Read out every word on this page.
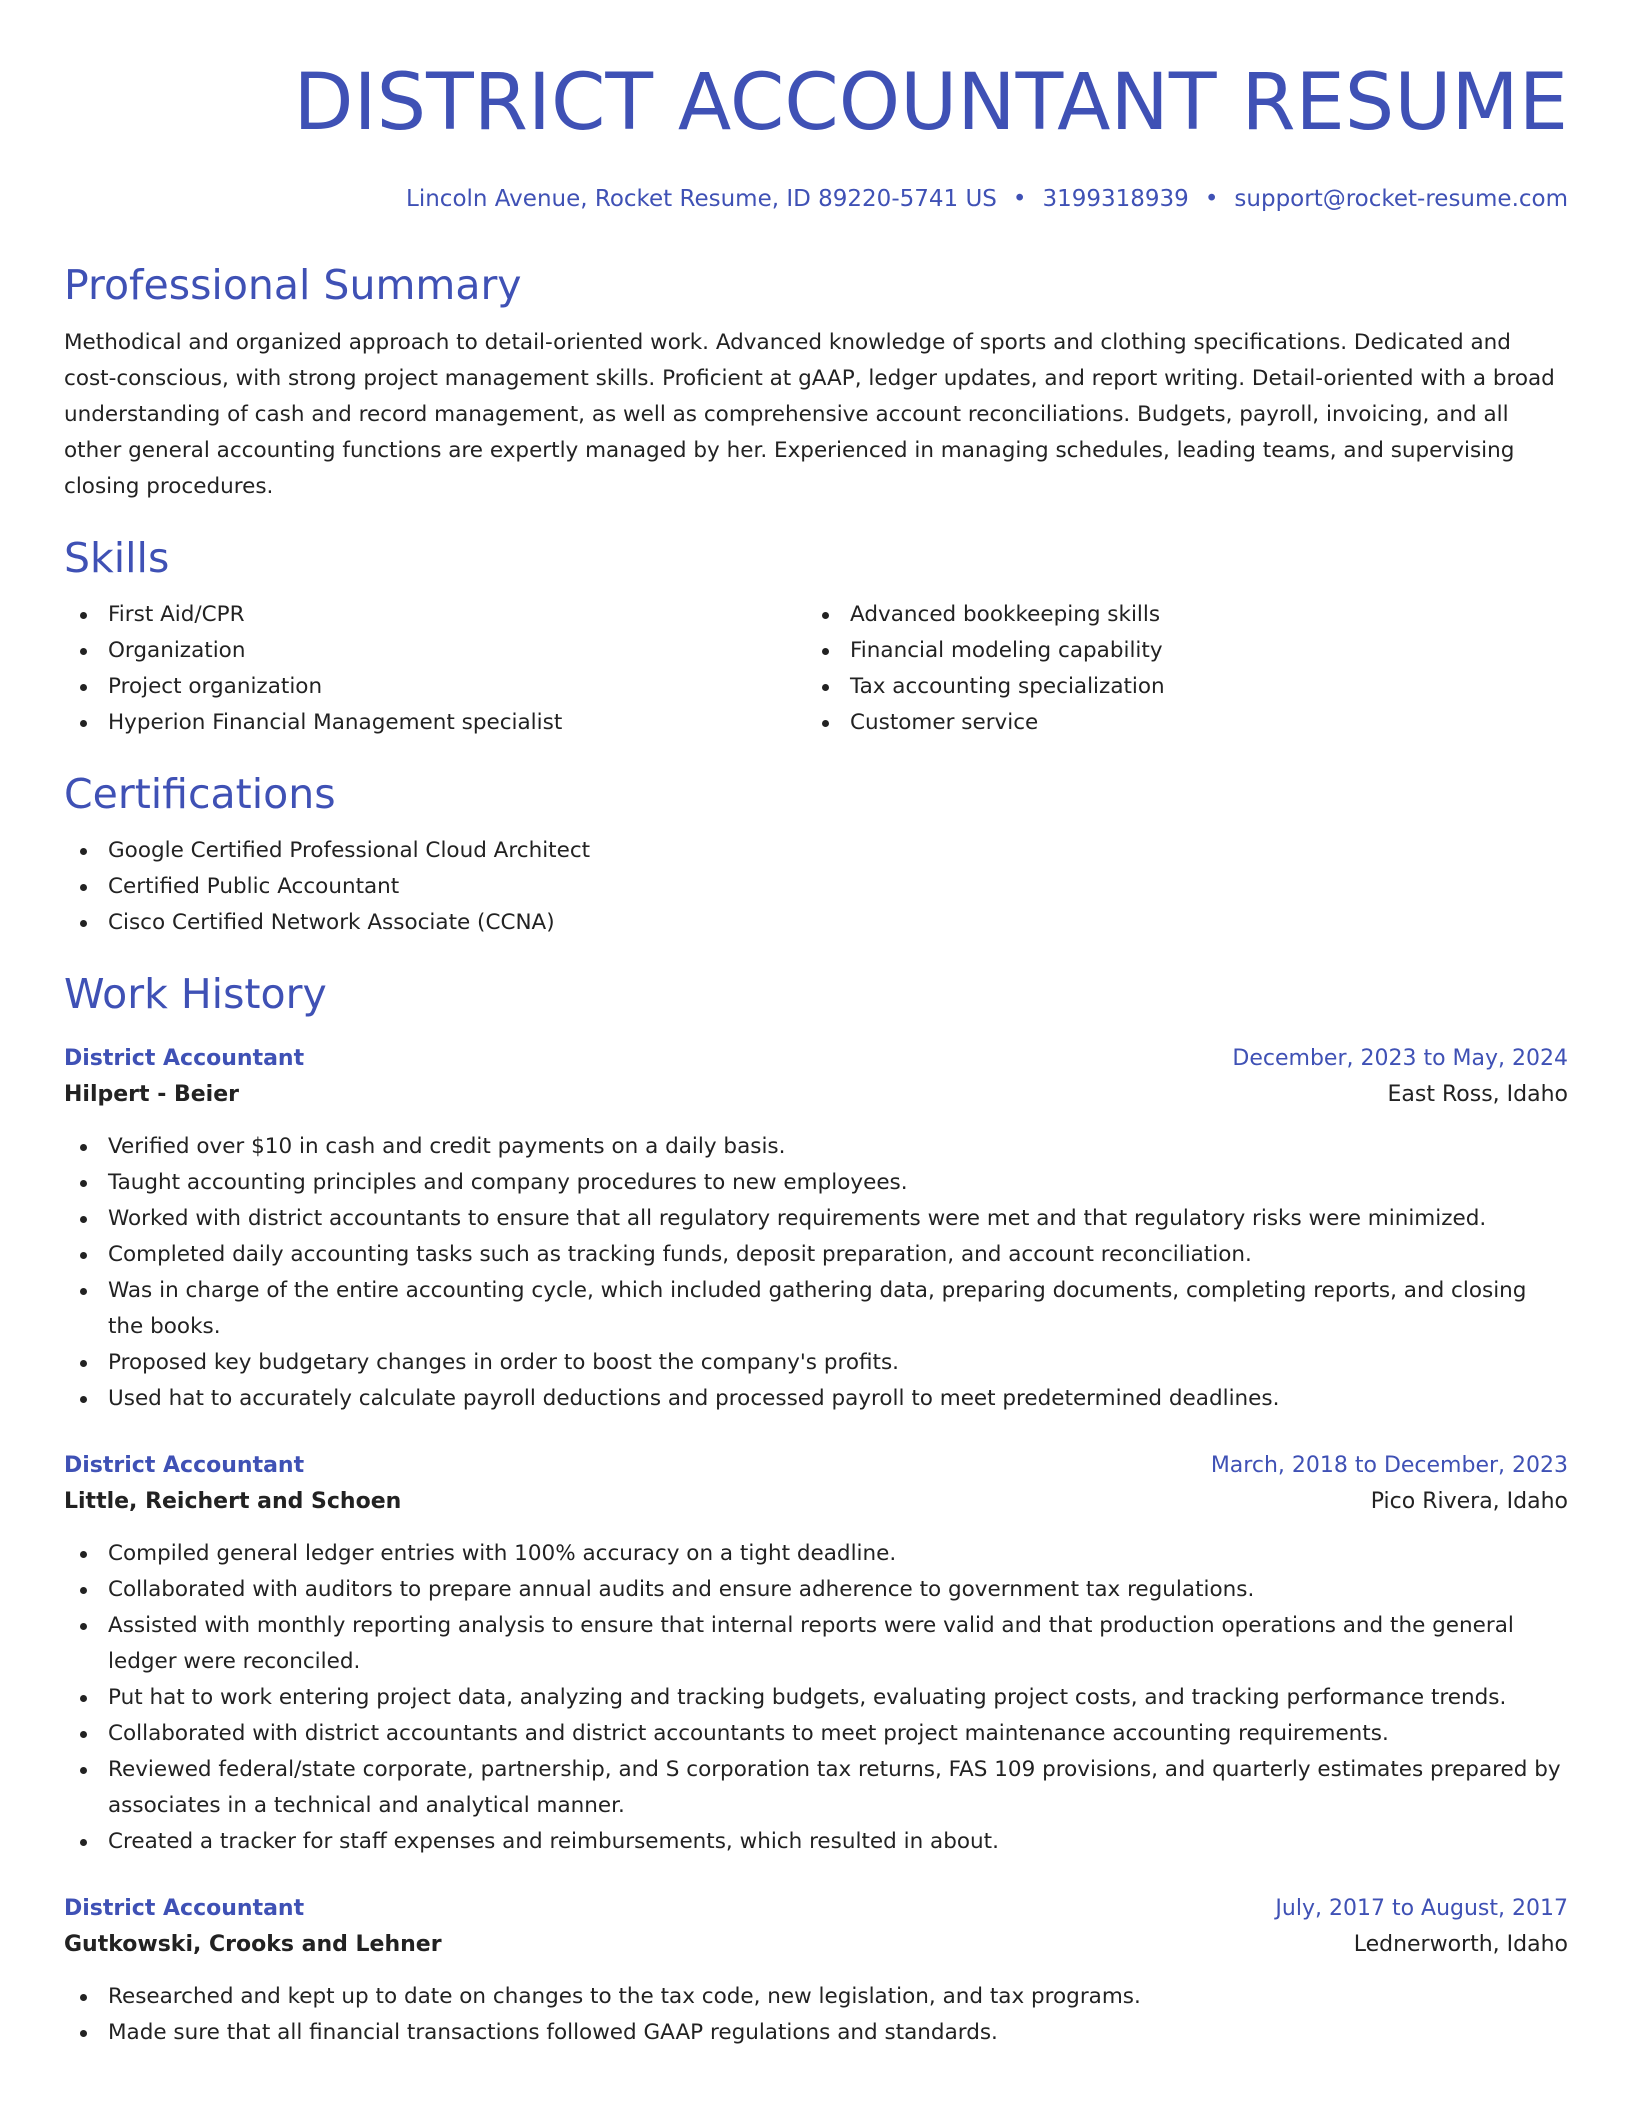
DISTRICT ACCOUNTANT RESUME
Lincoln Avenue, Rocket Resume, ID 89220-5741 US • 3199318939 • support@rocket-resume.com
Professional Summary

Methodical and organized approach to detail-oriented work. Advanced knowledge of sports and clothing specifications. Dedicated and cost-conscious, with strong project management skills. Proficient at gAAP, ledger updates, and report writing. Detail-oriented with a broad understanding of cash and record management, as well as comprehensive account reconciliations. Budgets, payroll, invoicing, and all other general accounting functions are expertly managed by her. Experienced in managing schedules, leading teams, and supervising closing procedures.

Skills
First Aid/CPR
Organization
Project organization
Hyperion Financial Management specialist
Advanced bookkeeping skills
Financial modeling capability
Tax accounting specialization
Customer service
Certifications
Google Certified Professional Cloud Architect
Certified Public Accountant
Cisco Certified Network Associate (CCNA)
Work History
District Accountant	December, 2023 to May, 2024
Hilpert - Beier	East Ross, Idaho
Verified over $10 in cash and credit payments on a daily basis.
Taught accounting principles and company procedures to new employees.
Worked with district accountants to ensure that all regulatory requirements were met and that regulatory risks were minimized.
Completed daily accounting tasks such as tracking funds, deposit preparation, and account reconciliation.
Was in charge of the entire accounting cycle, which included gathering data, preparing documents, completing reports, and closing the books.
Proposed key budgetary changes in order to boost the company's profits.
Used hat to accurately calculate payroll deductions and processed payroll to meet predetermined deadlines.
District Accountant	March, 2018 to December, 2023
Little, Reichert and Schoen	Pico Rivera, Idaho
Compiled general ledger entries with 100% accuracy on a tight deadline.
Collaborated with auditors to prepare annual audits and ensure adherence to government tax regulations.
Assisted with monthly reporting analysis to ensure that internal reports were valid and that production operations and the general ledger were reconciled.
Put hat to work entering project data, analyzing and tracking budgets, evaluating project costs, and tracking performance trends.
Collaborated with district accountants and district accountants to meet project maintenance accounting requirements.
Reviewed federal/state corporate, partnership, and S corporation tax returns, FAS 109 provisions, and quarterly estimates prepared by associates in a technical and analytical manner.
Created a tracker for staff expenses and reimbursements, which resulted in about.
District Accountant	July, 2017 to August, 2017
Gutkowski, Crooks and Lehner	Lednerworth, Idaho
Researched and kept up to date on changes to the tax code, new legislation, and tax programs.
Made sure that all financial transactions followed GAAP regulations and standards.
